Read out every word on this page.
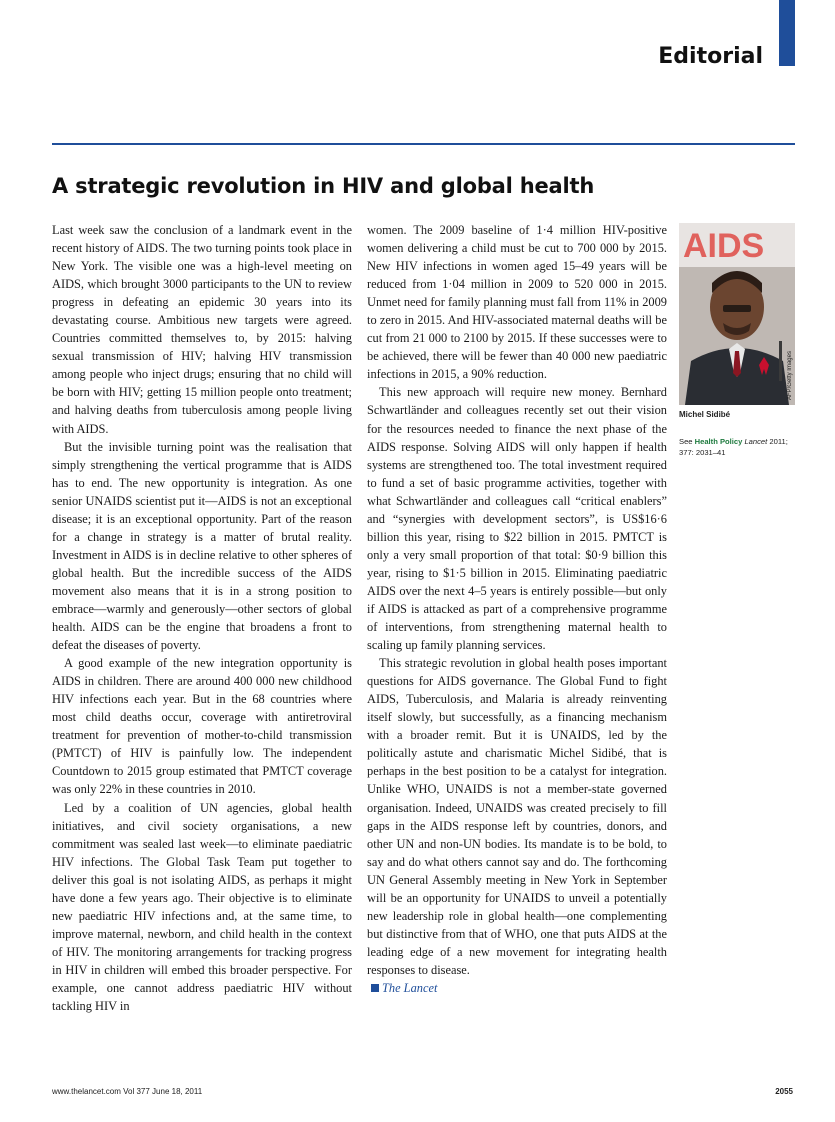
Editorial
A strategic revolution in HIV and global health

Last week saw the conclusion of a landmark event in the recent history of AIDS. The two turning points took place in New York. The visible one was a high-level meeting on AIDS, which brought 3000 participants to the UN to review progress in defeating an epidemic 30 years into its devastating course. Ambitious new targets were agreed. Countries committed themselves to, by 2015: halving sexual transmission of HIV; halving HIV transmission among people who inject drugs; ensuring that no child will be born with HIV; getting 15 million people onto treatment; and halving deaths from tuberculosis among people living with AIDS.

But the invisible turning point was the realisation that simply strengthening the vertical programme that is AIDS has to end. The new opportunity is integration. As one senior UNAIDS scientist put it—AIDS is not an exceptional disease; it is an exceptional opportunity. Part of the reason for a change in strategy is a matter of brutal reality. Investment in AIDS is in decline relative to other spheres of global health. But the incredible success of the AIDS movement also means that it is in a strong position to embrace—warmly and generously—other sectors of global health. AIDS can be the engine that broadens a front to defeat the diseases of poverty.

A good example of the new integration opportunity is AIDS in children. There are around 400 000 new childhood HIV infections each year. But in the 68 countries where most child deaths occur, coverage with antiretroviral treatment for prevention of mother-to-child transmission (PMTCT) of HIV is painfully low. The independent Countdown to 2015 group estimated that PMTCT coverage was only 22% in these countries in 2010.

Led by a coalition of UN agencies, global health initiatives, and civil society organisations, a new commitment was sealed last week—to eliminate paediatric HIV infections. The Global Task Team put together to deliver this goal is not isolating AIDS, as perhaps it might have done a few years ago. Their objective is to eliminate new paediatric HIV infections and, at the same time, to improve maternal, newborn, and child health in the context of HIV. The monitoring arrangements for tracking progress in HIV in children will embed this broader perspective. For example, one cannot address paediatric HIV without tackling HIV in

women. The 2009 baseline of 1·4 million HIV-positive women delivering a child must be cut to 700 000 by 2015. New HIV infections in women aged 15–49 years will be reduced from 1·04 million in 2009 to 520 000 in 2015. Unmet need for family planning must fall from 11% in 2009 to zero in 2015. And HIV-associated maternal deaths will be cut from 21 000 to 2100 by 2015. If these successes were to be achieved, there will be fewer than 40 000 new paediatric infections in 2015, a 90% reduction.

This new approach will require new money. Bernhard Schwartländer and colleagues recently set out their vision for the resources needed to finance the next phase of the AIDS response. Solving AIDS will only happen if health systems are strengthened too. The total investment required to fund a set of basic programme activities, together with what Schwartländer and colleagues call “critical enablers” and “synergies with development sectors”, is US$16·6 billion this year, rising to $22 billion in 2015. PMTCT is only a very small proportion of that total: $0·9 billion this year, rising to $1·5 billion in 2015. Eliminating paediatric AIDS over the next 4–5 years is entirely possible—but only if AIDS is attacked as part of a comprehensive programme of interventions, from strengthening maternal health to scaling up family planning services.

This strategic revolution in global health poses important questions for AIDS governance. The Global Fund to fight AIDS, Tuberculosis, and Malaria is already reinventing itself slowly, but successfully, as a financing mechanism with a broader remit. But it is UNAIDS, led by the politically astute and charismatic Michel Sidibé, that is perhaps in the best position to be a catalyst for integration. Unlike WHO, UNAIDS is not a member-state governed organisation. Indeed, UNAIDS was created precisely to fill gaps in the AIDS response left by countries, donors, and other UN and non-UN bodies. Its mandate is to be bold, to say and do what others cannot say and do. The forthcoming UN General Assembly meeting in New York in September will be an opportunity for UNAIDS to unveil a potentially new leadership role in global health—one complementing but distinctive from that of WHO, one that puts AIDS at the leading edge of a new movement for integrating health responses to disease.

The Lancet
AIDS
AFP/Getty Images
Michel Sidibé
See Health Policy Lancet 2011; 377: 2031–41
www.thelancet.com Vol 377 June 18, 2011	2055
